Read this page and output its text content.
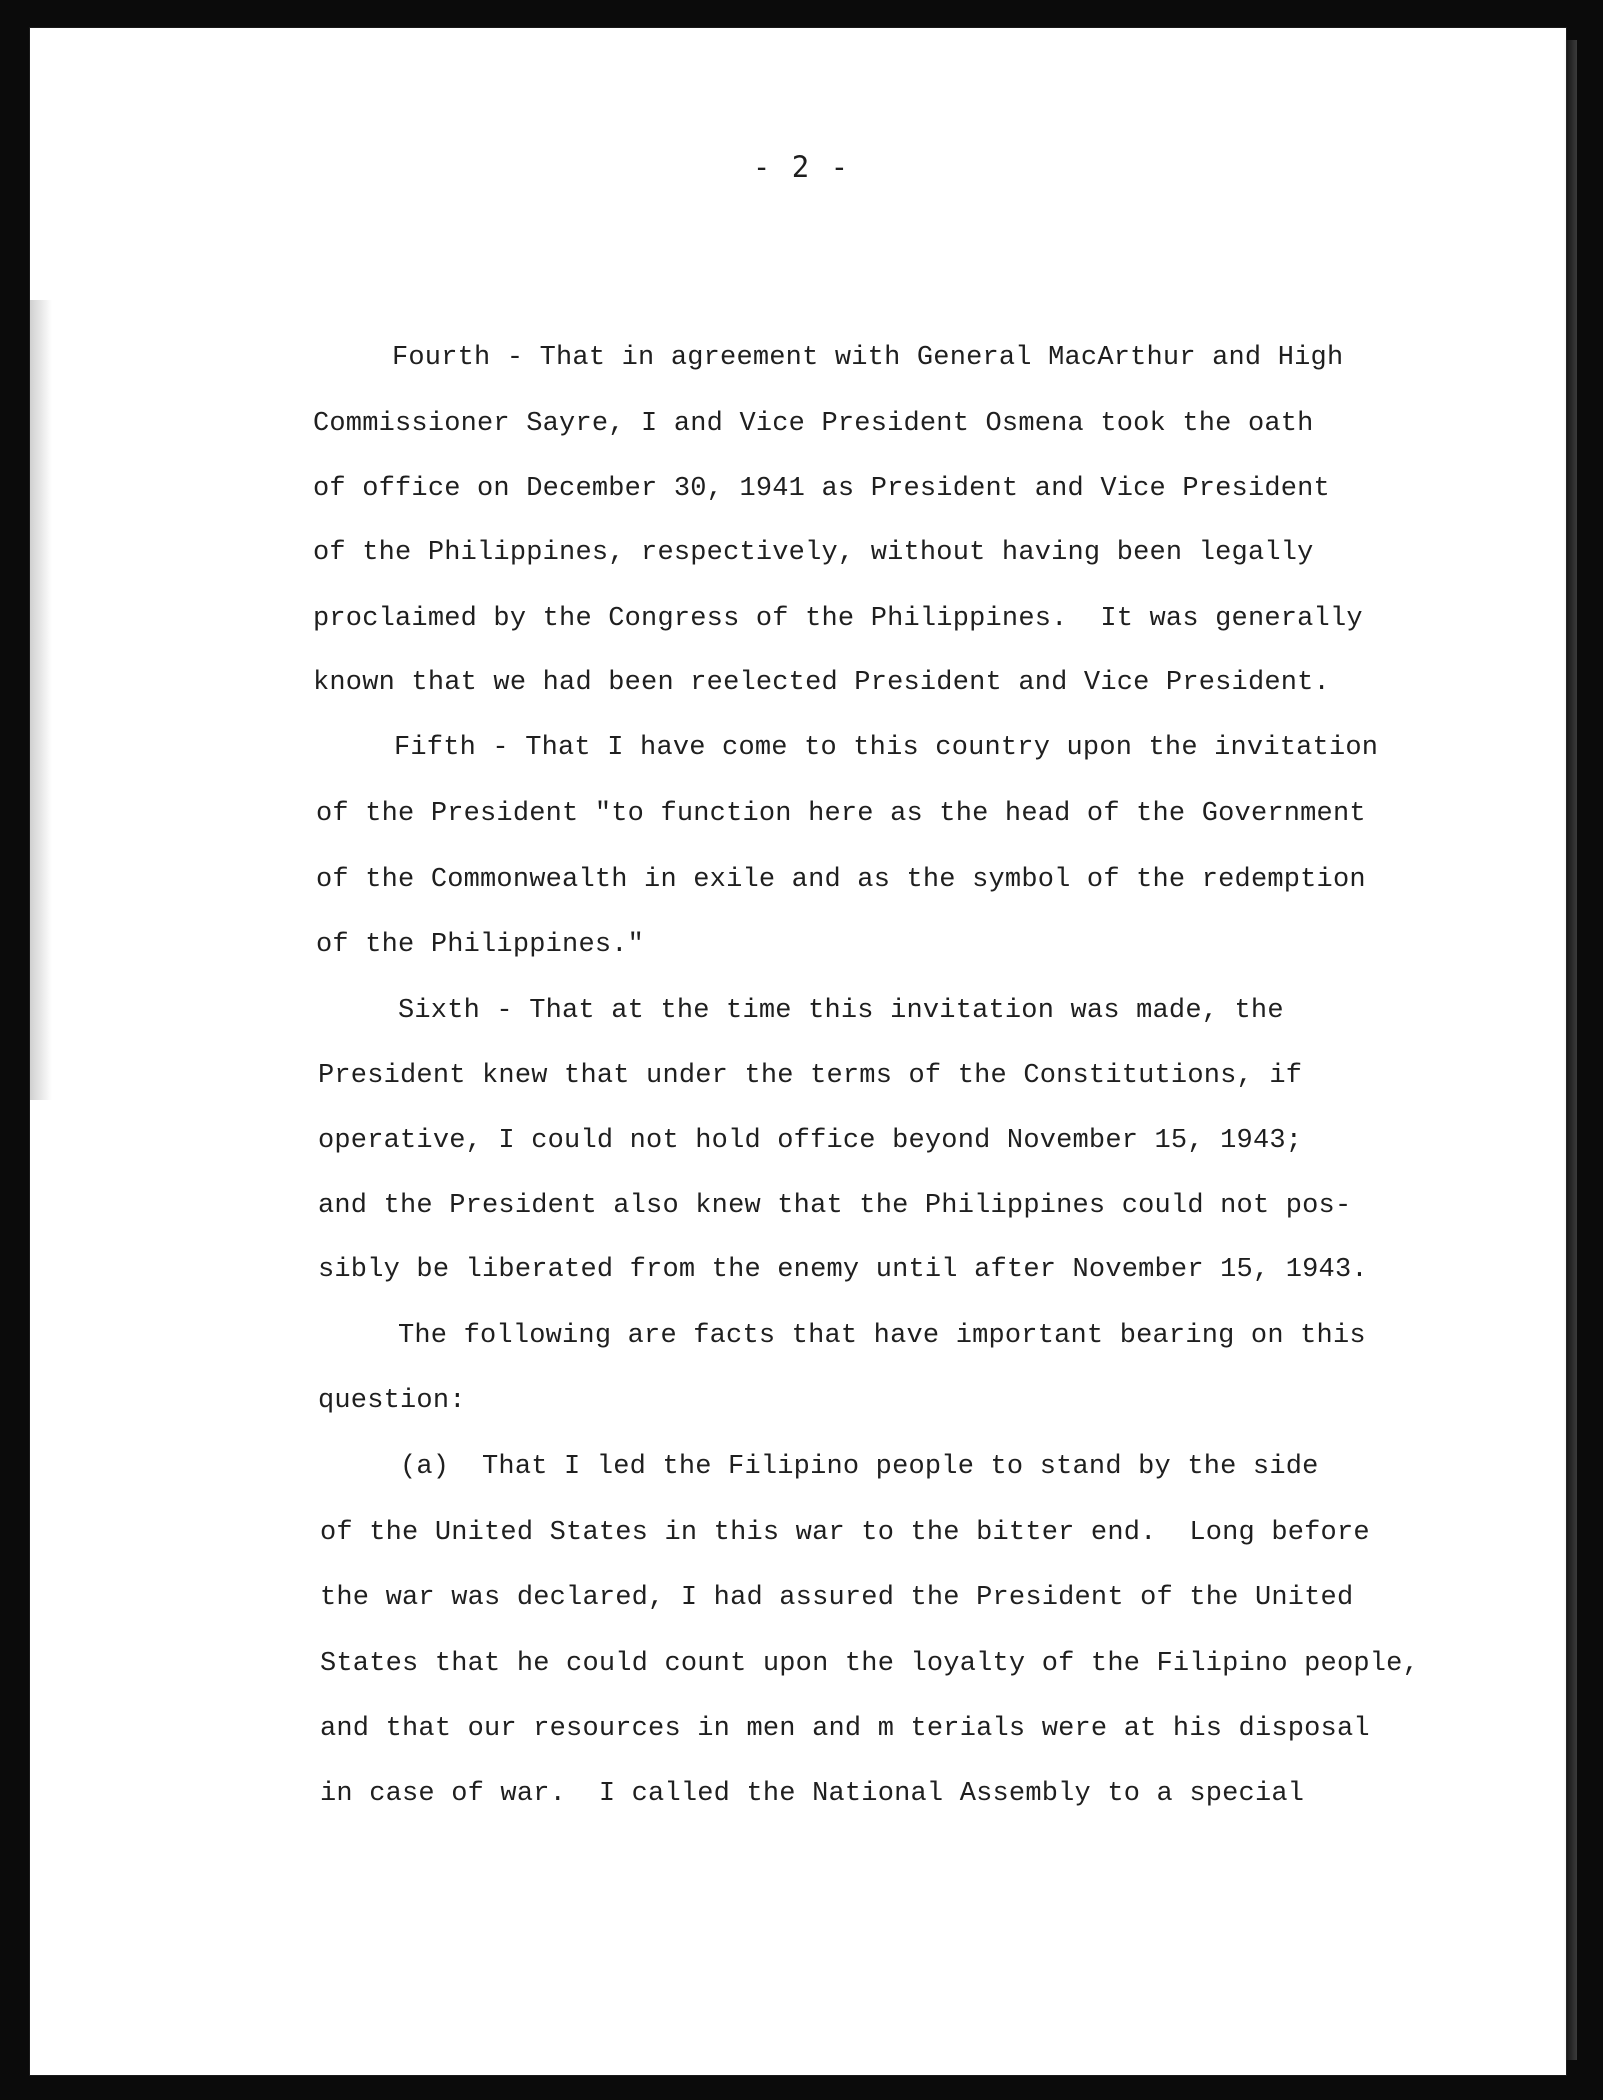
- 2 -
Fourth - That in agreement with General MacArthur and High
Commissioner Sayre, I and Vice President Osmena took the oath
of office on December 30, 1941 as President and Vice President
of the Philippines, respectively, without having been legally
proclaimed by the Congress of the Philippines.  It was generally
known that we had been reelected President and Vice President.
Fifth - That I have come to this country upon the invitation
of the President "to function here as the head of the Government
of the Commonwealth in exile and as the symbol of the redemption
of the Philippines."
Sixth - That at the time this invitation was made, the
President knew that under the terms of the Constitutions, if
operative, I could not hold office beyond November 15, 1943;
and the President also knew that the Philippines could not pos-
sibly be liberated from the enemy until after November 15, 1943.
The following are facts that have important bearing on this
question:
(a)  That I led the Filipino people to stand by the side
of the United States in this war to the bitter end.  Long before
the war was declared, I had assured the President of the United
States that he could count upon the loyalty of the Filipino people,
and that our resources in men and m terials were at his disposal
in case of war.  I called the National Assembly to a special
